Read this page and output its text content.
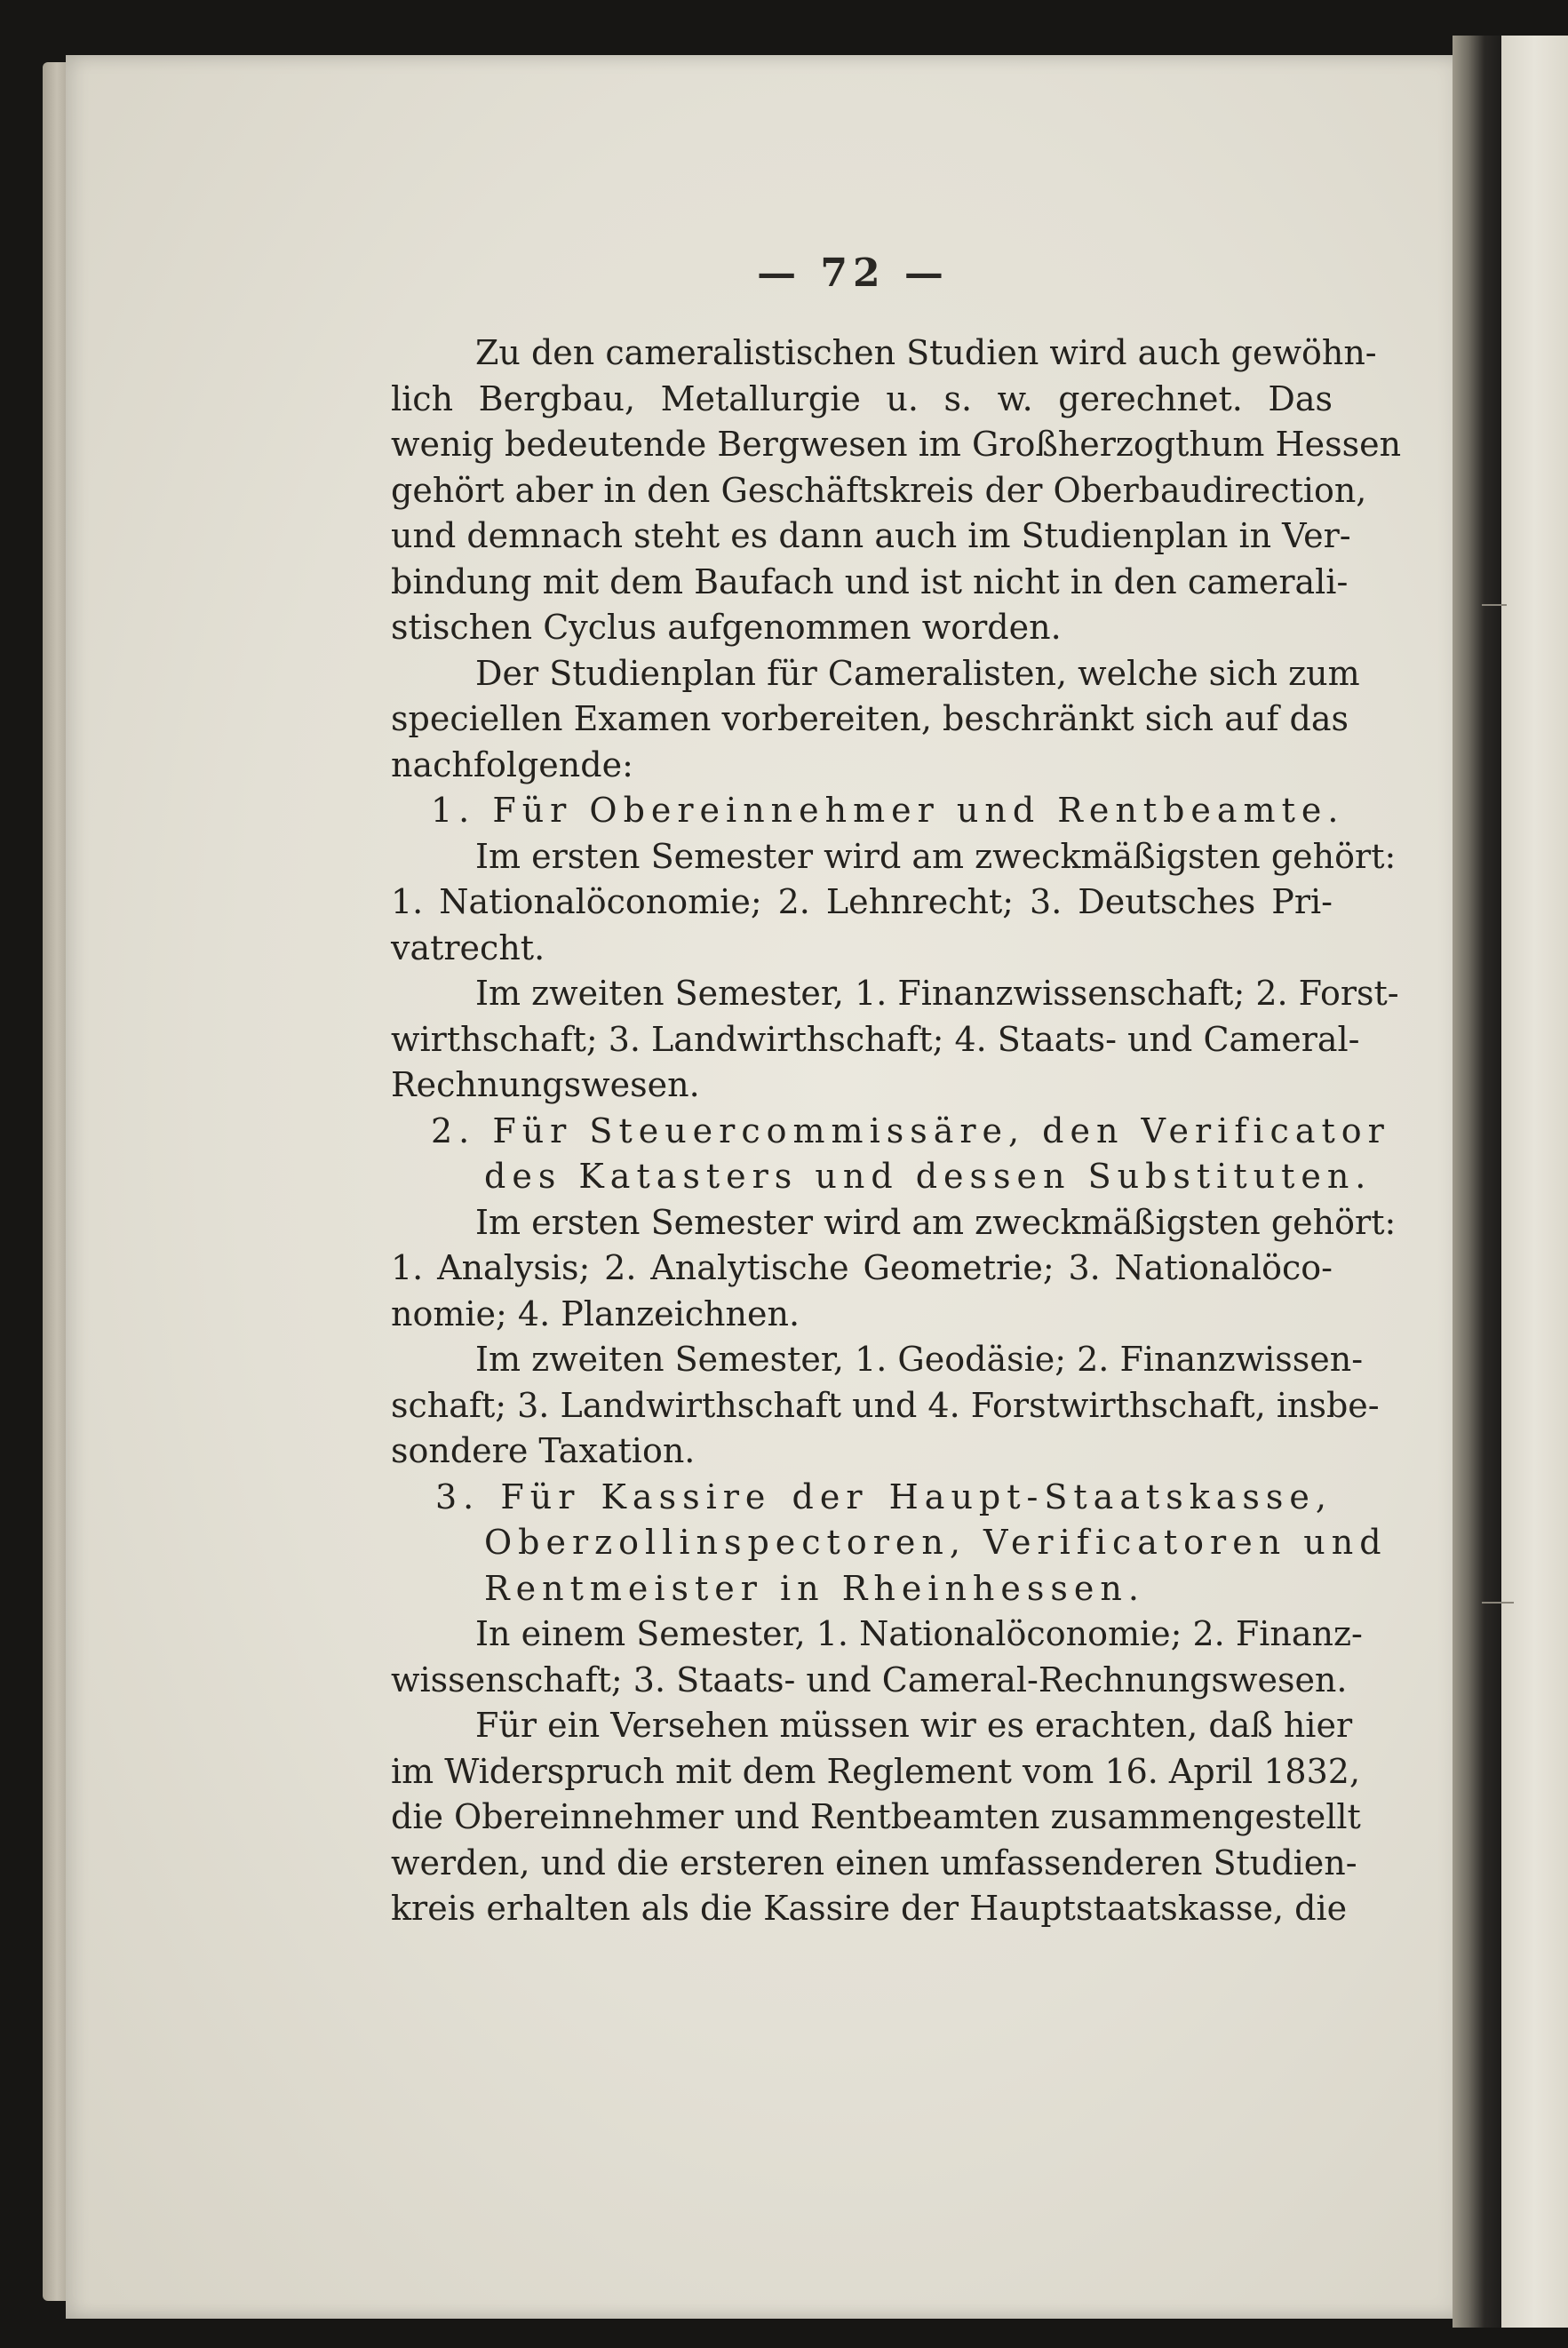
— 72 —
Zu den cameralistischen Studien wird auch gewöhn-
lich Bergbau, Metallurgie u. s. w. gerechnet. Das
wenig bedeutende Bergwesen im Großherzogthum Hessen
gehört aber in den Geschäftskreis der Oberbaudirection,
und demnach steht es dann auch im Studienplan in Ver-
bindung mit dem Baufach und ist nicht in den camerali-
stischen Cyclus aufgenommen worden.
Der Studienplan für Cameralisten, welche sich zum
speciellen Examen vorbereiten, beschränkt sich auf das
nachfolgende:
1. Für Obereinnehmer und Rentbeamte.
Im ersten Semester wird am zweckmäßigsten gehört:
1. Nationalöconomie; 2. Lehnrecht; 3. Deutsches Pri-
vatrecht.
Im zweiten Semester, 1. Finanzwissenschaft; 2. Forst-
wirthschaft; 3. Landwirthschaft; 4. Staats- und Cameral-
Rechnungswesen.
2. Für Steuercommissäre, den Verificator
des Katasters und dessen Substituten.
Im ersten Semester wird am zweckmäßigsten gehört:
1. Analysis; 2. Analytische Geometrie; 3. Nationalöco-
nomie; 4. Planzeichnen.
Im zweiten Semester, 1. Geodäsie; 2. Finanzwissen-
schaft; 3. Landwirthschaft und 4. Forstwirthschaft, insbe-
sondere Taxation.
3. Für Kassire der Haupt-Staatskasse,
Oberzollinspectoren, Verificatoren und
Rentmeister in Rheinhessen.
In einem Semester, 1. Nationalöconomie; 2. Finanz-
wissenschaft; 3. Staats- und Cameral-Rechnungswesen.
Für ein Versehen müssen wir es erachten, daß hier
im Widerspruch mit dem Reglement vom 16. April 1832,
die Obereinnehmer und Rentbeamten zusammengestellt
werden, und die ersteren einen umfassenderen Studien-
kreis erhalten als die Kassire der Hauptstaatskasse, die
